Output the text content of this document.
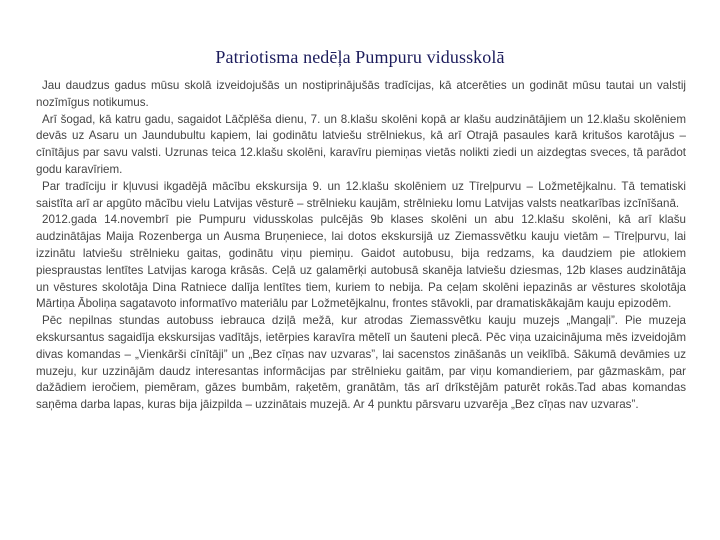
Patriotisma nedēļa Pumpuru vidusskolā

Jau daudzus gadus mūsu skolā izveidojušās un nostiprinājušās tradīcijas, kā atcerēties un godināt mūsu tautai un valstij nozīmīgus notikumus.

Arī šogad, kā katru gadu, sagaidot Lāčplēša dienu, 7. un 8.klašu skolēni kopā ar klašu audzinātājiem un 12.klašu skolēniem devās uz Asaru un Jaundubultu kapiem, lai godinātu latviešu strēlniekus, kā arī Otrajā pasaules karā kritušos karotājus – cīnītājus par savu valsti. Uzrunas teica 12.klašu skolēni, karavīru piemiņas vietās nolikti ziedi un aizdegtas sveces, tā parādot godu karavīriem.

Par tradīciju ir kļuvusi ikgadējā mācību ekskursija 9. un 12.klašu skolēniem uz Tīreļpurvu – Ložmetējkalnu. Tā tematiski saistīta arī ar apgūto mācību vielu Latvijas vēsturē – strēlnieku kaujām, strēlnieku lomu Latvijas valsts neatkarības izcīnīšanā.

2012.gada 14.novembrī pie Pumpuru vidusskolas pulcējās 9b klases skolēni un abu 12.klašu skolēni, kā arī klašu audzinātājas Maija Rozenberga un Ausma Bruņeniece, lai dotos ekskursijā uz Ziemassvētku kauju vietām – Tīreļpurvu, lai izzinātu latviešu strēlnieku gaitas, godinātu viņu piemiņu. Gaidot autobusu, bija redzams, ka daudziem pie atlokiem piespraustas lentītes Latvijas karoga krāsās. Ceļā uz galamērķi autobusā skanēja latviešu dziesmas, 12b klases audzinātāja un vēstures skolotāja Dina Ratniece dalīja lentītes tiem, kuriem to nebija. Pa ceļam skolēni iepazinās ar vēstures skolotāja Mārtiņa Āboliņa sagatavoto informatīvo materiālu par Ložmetējkalnu, frontes stāvokli, par dramatiskākajām kauju epizodēm.

Pēc nepilnas stundas autobuss iebrauca dziļā mežā, kur atrodas Ziemassvētku kauju muzejs „Mangaļi”. Pie muzeja ekskursantus sagaidīja ekskursijas vadītājs, ietērpies karavīra mētelī un šauteni plecā. Pēc viņa uzaicinājuma mēs izveidojām divas komandas – „Vienkārši cīnītāji” un „Bez cīņas nav uzvaras”, lai sacenstos zināšanās un veiklībā. Sākumā devāmies uz muzeju, kur uzzinājām daudz interesantas informācijas par strēlnieku gaitām, par viņu komandieriem, par gāzmaskām, par dažādiem ieročiem, piemēram, gāzes bumbām, raķetēm, granātām, tās arī drīkstējām paturēt rokās.Tad abas komandas saņēma darba lapas, kuras bija jāizpilda – uzzinātais muzejā. Ar 4 punktu pārsvaru uzvarēja „Bez cīņas nav uzvaras”.
